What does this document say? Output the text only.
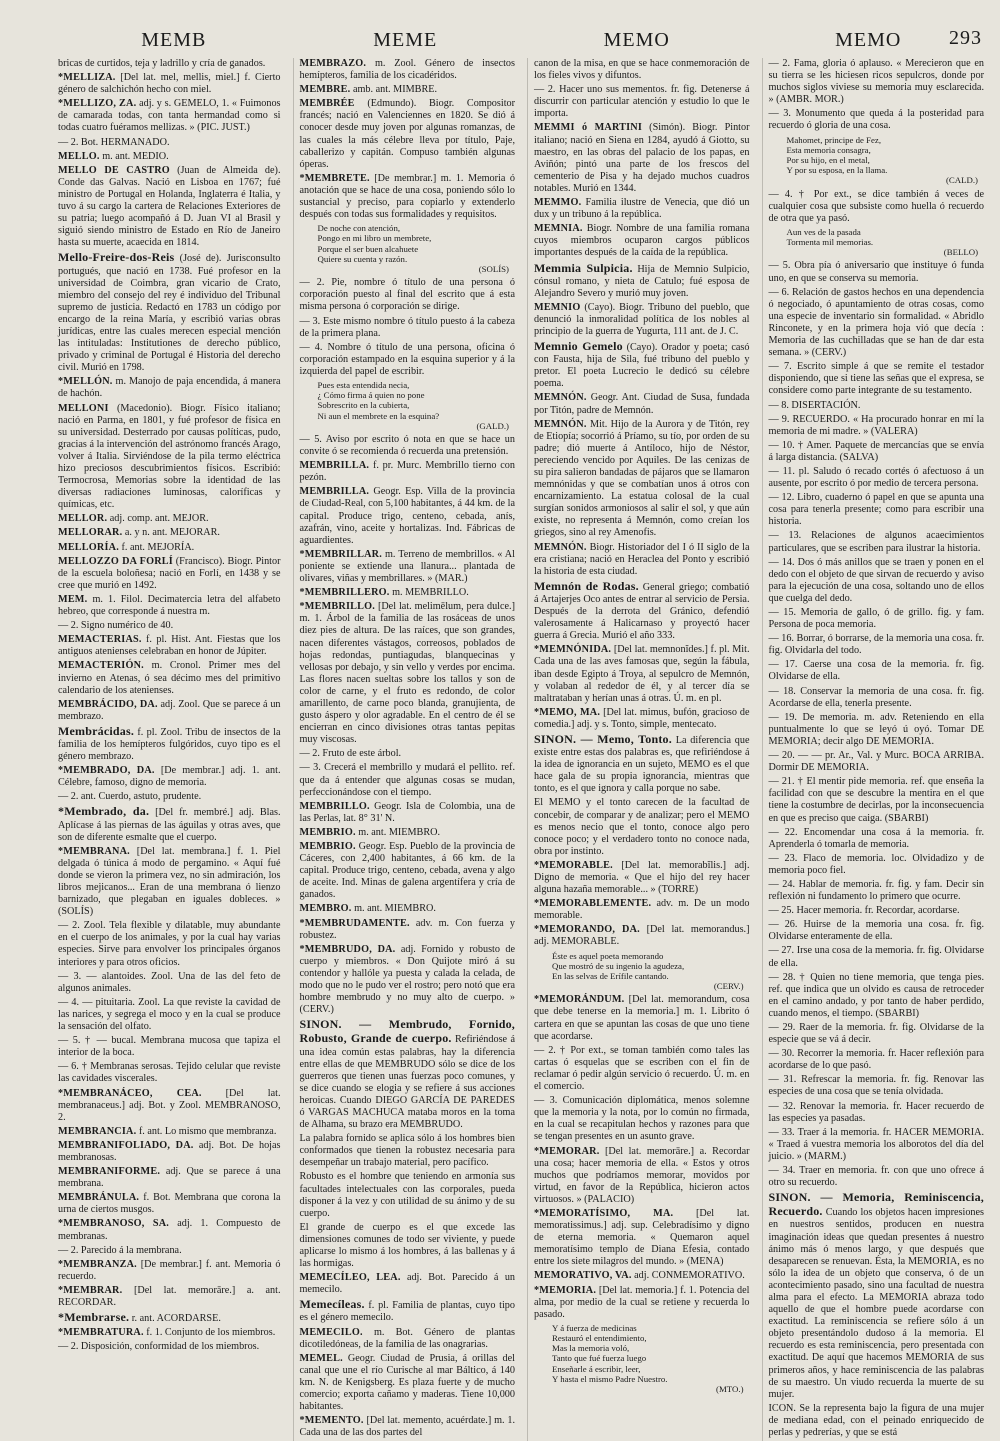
MEMB	MEME	MEMO	MEMO 293

bricas de curtidos, teja y ladrillo y cría de ganados.

*MELLIZA. [Del lat. mel, mellis, miel.] f. Cierto género de salchichón hecho con miel.

*MELLIZO, ZA. adj. y s. GEMELO, 1. « Fuimonos de camarada todas, con tanta hermandad como si todas cuatro fuéramos mellizas. » (PIC. JUST.)

— 2. Bot. HERMANADO.

MELLO. m. ant. MEDIO.

MELLO DE CASTRO (Juan de Almeida de). Conde das Galvas. Nació en Lisboa en 1767; fué ministro de Portugal en Holanda, Inglaterra é Italia, y tuvo á su cargo la cartera de Relaciones Exteriores de su patria; luego acompañó á D. Juan VI al Brasil y siguió siendo ministro de Estado en Río de Janeiro hasta su muerte, acaecida en 1814.

Mello-Freire-dos-Reis (José de). Jurisconsulto portugués, que nació en 1738. Fué profesor en la universidad de Coimbra, gran vicario de Crato, miembro del consejo del rey é individuo del Tribunal supremo de justicia. Redactó en 1783 un código por encargo de la reina María, y escribió varias obras jurídicas, entre las cuales merecen especial mención las intituladas: Institutiones de derecho público, privado y criminal de Portugal é Historia del derecho civil. Murió en 1798.

*MELLÓN. m. Manojo de paja encendida, á manera de hachón.

MELLONI (Macedonio). Biogr. Físico italiano; nació en Parma, en 1801, y fué profesor de física en su universidad. Desterrado por causas políticas, pudo, gracias á la intervención del astrónomo francés Arago, volver á Italia. Sirviéndose de la pila termo eléctrica hizo preciosos descubrimientos físicos. Escribió: Termocrosa, Memorias sobre la identidad de las diversas radiaciones luminosas, caloríficas y químicas, etc.

MELLOR. adj. comp. ant. MEJOR.

MELLORAR. a. y n. ant. MEJORAR.

MELLORÍA. f. ant. MEJORÍA.

MELLOZZO DA FORLÍ (Francisco). Biogr. Pintor de la escuela boloñesa; nació en Forlí, en 1438 y se cree que murió en 1492.

MEM. m. 1. Filol. Decimatercia letra del alfabeto hebreo, que corresponde á nuestra m.

— 2. Signo numérico de 40.

MEMACTERIAS. f. pl. Hist. Ant. Fiestas que los antiguos atenienses celebraban en honor de Júpiter.

MEMACTERIÓN. m. Cronol. Primer mes del invierno en Atenas, ó sea décimo mes del primitivo calendario de los atenienses.

MEMBRÁCIDO, DA. adj. Zool. Que se parece á un membrazo.

Membrácidas. f. pl. Zool. Tribu de insectos de la familia de los hemípteros fulgóridos, cuyo tipo es el género membrazo.

*MEMBRADO, DA. [De membrar.] adj. 1. ant. Célebre, famoso, digno de memoria.

— 2. ant. Cuerdo, astuto, prudente.

*Membrado, da. [Del fr. membré.] adj. Blas. Aplícase á las piernas de las águilas y otras aves, que son de diferente esmalte que el cuerpo.

*MEMBRANA. [Del lat. membrana.] f. 1. Piel delgada ó túnica á modo de pergamino. « Aquí fué donde se vieron la primera vez, no sin admiración, los libros mejicanos... Eran de una membrana ó lienzo barnizado, que plegaban en iguales dobleces. » (SOLÍS)

— 2. Zool. Tela flexible y dilatable, muy abundante en el cuerpo de los animales, y por la cual hay varias especies. Sirve para envolver los principales órganos interiores y para otros oficios.

— 3. — alantoides. Zool. Una de las del feto de algunos animales.

— 4. — pituitaria. Zool. La que reviste la cavidad de las narices, y segrega el moco y en la cual se produce la sensación del olfato.

— 5. † — bucal. Membrana mucosa que tapiza el interior de la boca.

— 6. † Membranas serosas. Tejido celular que reviste las cavidades viscerales.

*MEMBRANÁCEO, CEA. [Del lat. membranaceus.] adj. Bot. y Zool. MEMBRANOSO, 2.

MEMBRANCIA. f. ant. Lo mismo que membranza.

MEMBRANIFOLIADO, DA. adj. Bot. De hojas membranosas.

MEMBRANIFORME. adj. Que se parece á una membrana.

MEMBRÁNULA. f. Bot. Membrana que corona la urna de ciertos musgos.

*MEMBRANOSO, SA. adj. 1. Compuesto de membranas.

— 2. Parecido á la membrana.

*MEMBRANZA. [De membrar.] f. ant. Memoria ó recuerdo.

*MEMBRAR. [Del lat. memorāre.] a. ant. RECORDAR.

*Membrarse. r. ant. ACORDARSE.

*MEMBRATURA. f. 1. Conjunto de los miembros.

— 2. Disposición, conformidad de los miembros.

MEMBRAZO. m. Zool. Género de insectos hemípteros, familia de los cicadéridos.

MEMBRE. amb. ant. MIMBRE.

MEMBRÉE (Edmundo). Biogr. Compositor francés; nació en Valenciennes en 1820. Se dió á conocer desde muy joven por algunas romanzas, de las cuales la más célebre lleva por título, Paje, caballerizo y capitán. Compuso también algunas óperas.

*MEMBRETE. [De membrar.] m. 1. Memoria ó anotación que se hace de una cosa, poniendo sólo lo sustancial y preciso, para copiarlo y extenderlo después con todas sus formalidades y requisitos.

De noche con atención,
Pongo en mi libro un membrete,
Porque el ser buen alcahuete
Quiere su cuenta y razón.
(SOLÍS)

— 2. Pie, nombre ó título de una persona ó corporación puesto al final del escrito que á esta misma persona ó corporación se dirige.

— 3. Este mismo nombre ó título puesto á la cabeza de la primera plana.

— 4. Nombre ó título de una persona, oficina ó corporación estampado en la esquina superior y á la izquierda del papel de escribir.

Pues esta entendida necia,
¿ Cómo firma á quien no pone
Sobrescrito en la cubierta,
Ni aun el membrete en la esquina?
(GALD.)

— 5. Aviso por escrito ó nota en que se hace un convite ó se recomienda ó recuerda una pretensión.

MEMBRILLA. f. pr. Murc. Membrillo tierno con pezón.

MEMBRILLA. Geogr. Esp. Villa de la provincia de Ciudad-Real, con 5,100 habitantes, á 44 km. de la capital. Produce trigo, centeno, cebada, anís, azafrán, vino, aceite y hortalizas. Ind. Fábricas de aguardientes.

*MEMBRILLAR. m. Terreno de membrillos. « Al poniente se extiende una llanura... plantada de olivares, viñas y membrillares. » (MAR.)

*MEMBRILLERO. m. MEMBRILLO.

*MEMBRILLO. [Del lat. melimēlum, pera dulce.] m. 1. Árbol de la familia de las rosáceas de unos diez pies de altura. De las raíces, que son grandes, nacen diferentes vástagos, correosos, poblados de hojas redondas, puntiagudas, blanquecinas y vellosas por debajo, y sin vello y verdes por encima. Las flores nacen sueltas sobre los tallos y son de color de carne, y el fruto es redondo, de color amarillento, de carne poco blanda, granujienta, de gusto áspero y olor agradable. En el centro de él se encierran en cinco divisiones otras tantas pepitas muy viscosas.

— 2. Fruto de este árbol.

— 3. Crecerá el membrillo y mudará el pellito. ref. que da á entender que algunas cosas se mudan, perfeccionándose con el tiempo.

MEMBRILLO. Geogr. Isla de Colombia, una de las Perlas, lat. 8° 31' N.

MEMBRIO. m. ant. MIEMBRO.

MEMBRIO. Geogr. Esp. Pueblo de la provincia de Cáceres, con 2,400 habitantes, á 66 km. de la capital. Produce trigo, centeno, cebada, avena y algo de aceite. Ind. Minas de galena argentífera y cría de ganados.

MEMBRO. m. ant. MIEMBRO.

*MEMBRUDAMENTE. adv. m. Con fuerza y robustez.

*MEMBRUDO, DA. adj. Fornido y robusto de cuerpo y miembros. « Don Quijote miró á su contendor y hallóle ya puesta y calada la celada, de modo que no le pudo ver el rostro; pero notó que era hombre membrudo y no muy alto de cuerpo. » (CERV.)

SINON. — Membrudo, Fornido, Robusto, Grande de cuerpo. Refiriéndose á una idea común estas palabras, hay la diferencia entre ellas de que MEMBRUDO sólo se dice de los guerreros que tienen unas fuerzas poco comunes, y se dice cuando se elogia y se refiere á sus acciones heroicas. Cuando DIEGO GARCÍA DE PAREDES ó VARGAS MACHUCA mataba moros en la toma de Alhama, su brazo era MEMBRUDO.

La palabra fornido se aplica sólo á los hombres bien conformados que tienen la robustez necesaria para desempeñar un trabajo material, pero pacífico.

Robusto es el hombre que teniendo en armonía sus facultades intelectuales con las corporales, pueda disponer á la vez y con utilidad de su ánimo y de su cuerpo.

El grande de cuerpo es el que excede las dimensiones comunes de todo ser viviente, y puede aplicarse lo mismo á los hombres, á las ballenas y á las hormigas.

MEMECÍLEO, LEA. adj. Bot. Parecido á un memecilo.

Memecíleas. f. pl. Familia de plantas, cuyo tipo es el género memecilo.

MEMECILO. m. Bot. Género de plantas dicotiledóneas, de la familia de las onagrarias.

MEMEL. Geogr. Ciudad de Prusia, á orillas del canal que une el río Curische al mar Báltico, á 140 km. N. de Kenigsberg. Es plaza fuerte y de mucho comercio; exporta cañamo y maderas. Tiene 10,000 habitantes.

*MEMENTO. [Del lat. memento, acuérdate.] m. 1. Cada una de las dos partes del

canon de la misa, en que se hace conmemoración de los fieles vivos y difuntos.

— 2. Hacer uno sus mementos. fr. fig. Detenerse á discurrir con particular atención y estudio lo que le importa.

MEMMI ó MARTINI (Simón). Biogr. Pintor italiano; nació en Siena en 1284, ayudó á Giotto, su maestro, en las obras del palacio de los papas, en Aviñón; pintó una parte de los frescos del cementerio de Pisa y ha dejado muchos cuadros notables. Murió en 1344.

MEMMO. Familia ilustre de Venecia, que dió un dux y un tribuno á la república.

MEMNIA. Biogr. Nombre de una familia romana cuyos miembros ocuparon cargos públicos importantes después de la caída de la república.

Memmia Sulpicia. Hija de Memnio Sulpicio, cónsul romano, y nieta de Catulo; fué esposa de Alejandro Severo y murió muy joven.

MEMNIO (Cayo). Biogr. Tribuno del pueblo, que denunció la inmoralidad política de los nobles al principio de la guerra de Yugurta, 111 ant. de J. C.

Memnio Gemelo (Cayo). Orador y poeta; casó con Fausta, hija de Sila, fué tribuno del pueblo y pretor. El poeta Lucrecio le dedicó su célebre poema.

MEMNÓN. Geogr. Ant. Ciudad de Susa, fundada por Titón, padre de Memnón.

MEMNÓN. Mit. Hijo de la Aurora y de Titón, rey de Etiopía; socorrió á Príamo, su tío, por orden de su padre; dió muerte á Antíloco, hijo de Néstor, pereciendo vencido por Aquiles. De las cenizas de su pira salieron bandadas de pájaros que se llamaron memnónidas y que se combatían unos á otros con encarnizamiento. La estatua colosal de la cual surgían sonidos armoniosos al salir el sol, y que aún existe, no representa á Memnón, como creían los griegos, sino al rey Amenofis.

MEMNÓN. Biogr. Historiador del I ó II siglo de la era cristiana; nació en Heraclea del Ponto y escribió la historia de esta ciudad.

Memnón de Rodas. General griego; combatió á Artajerjes Oco antes de entrar al servicio de Persia. Después de la derrota del Gránico, defendió valerosamente á Halicarnaso y proyectó hacer guerra á Grecia. Murió el año 333.

*MEMNÓNIDA. [Del lat. memnonĭdes.] f. pl. Mit. Cada una de las aves famosas que, según la fábula, iban desde Egipto á Troya, al sepulcro de Memnón, y volaban al rededor de él, y al tercer día se maltrataban y herían unas á otras. Ú. m. en pl.

*MEMO, MA. [Del lat. mimus, bufón, gracioso de comedia.] adj. y s. Tonto, simple, mentecato.

SINON. — Memo, Tonto. La diferencia que existe entre estas dos palabras es, que refiriéndose á la idea de ignorancia en un sujeto, MEMO es el que hace gala de su propia ignorancia, mientras que tonto, es el que ignora y calla porque no sabe.

El MEMO y el tonto carecen de la facultad de concebir, de comparar y de analizar; pero el MEMO es menos necio que el tonto, conoce algo pero conoce poco; y el verdadero tonto no conoce nada, obra por instinto.

*MEMORABLE. [Del lat. memorabĭlis.] adj. Digno de memoria. « Que el hijo del rey hacer alguna hazaña memorable... » (TORRE)

*MEMORABLEMENTE. adv. m. De un modo memorable.

*MEMORANDO, DA. [Del lat. memorandus.] adj. MEMORABLE.

Éste es aquel poeta memorando
Que mostró de su ingenio la agudeza,
En las selvas de Erífile cantando.
(CERV.)

*MEMORÁNDUM. [Del lat. memorandum, cosa que debe tenerse en la memoria.] m. 1. Librito ó cartera en que se apuntan las cosas de que uno tiene que acordarse.

— 2. † Por ext., se toman también como tales las cartas ó esquelas que se escriben con el fin de reclamar ó pedir algún servicio ó recuerdo. Ú. m. en el comercio.

— 3. Comunicación diplomática, menos solemne que la memoria y la nota, por lo común no firmada, en la cual se recapitulan hechos y razones para que se tengan presentes en un asunto grave.

*MEMORAR. [Del lat. memorāre.] a. Recordar una cosa; hacer memoria de ella. « Estos y otros muchos que podríamos memorar, movidos por virtud, en favor de la República, hicieron actos virtuosos. » (PALACIO)

*MEMORATÍSIMO, MA. [Del lat. memoratissimus.] adj. sup. Celebradísimo y digno de eterna memoria. « Quemaron aquel memoratísimo templo de Diana Efesia, contado entre los siete milagros del mundo. » (MENA)

MEMORATIVO, VA. adj. CONMEMORATIVO.

*MEMORIA. [Del lat. memoria.] f. 1. Potencia del alma, por medio de la cual se retiene y recuerda lo pasado.

Y á fuerza de medicinas
Restauró el entendimiento,
Mas la memoria voló,
Tanto que fué fuerza luego
Enseñarle á escribir, leer,
Y hasta el mismo Padre Nuestro.
(MTO.)

— 2. Fama, gloria ó aplauso. « Merecieron que en su tierra se les hiciesen ricos sepulcros, donde por muchos siglos viviese su memoria muy esclarecida. » (AMBR. MOR.)

— 3. Monumento que queda á la posteridad para recuerdo ó gloria de una cosa.

Mahomet, principe de Fez,
Esta memoria consagra,
Por su hijo, en el metal,
Y por su esposa, en la llama.
(CALD.)

— 4. † Por ext., se dice también á veces de cualquier cosa que subsiste como huella ó recuerdo de otra que ya pasó.

Aun ves de la pasada
Tormenta mil memorias.
(BELLO)

— 5. Obra pía ó aniversario que instituye ó funda uno, en que se conserva su memoria.

— 6. Relación de gastos hechos en una dependencia ó negociado, ó apuntamiento de otras cosas, como una especie de inventario sin formalidad. « Abridlo Rinconete, y en la primera hoja vió que decía : Memoria de las cuchilladas que se han de dar esta semana. » (CERV.)

— 7. Escrito simple á que se remite el testador disponiendo, que si tiene las señas que el expresa, se considere como parte integrante de su testamento.

— 8. DISERTACIÓN.

— 9. RECUERDO. « Ha procurado honrar en mí la memoria de mi madre. » (VALERA)

— 10. † Amer. Paquete de mercancías que se envía á larga distancia. (SALVA)

— 11. pl. Saludo ó recado cortés ó afectuoso á un ausente, por escrito ó por medio de tercera persona.

— 12. Libro, cuaderno ó papel en que se apunta una cosa para tenerla presente; como para escribir una historia.

— 13. Relaciones de algunos acaecimientos particulares, que se escriben para ilustrar la historia.

— 14. Dos ó más anillos que se traen y ponen en el dedo con el objeto de que sirvan de recuerdo y aviso para la ejecución de una cosa, soltando uno de ellos que cuelga del dedo.

— 15. Memoria de gallo, ó de grillo. fig. y fam. Persona de poca memoria.

— 16. Borrar, ó borrarse, de la memoria una cosa. fr. fig. Olvidarla del todo.

— 17. Caerse una cosa de la memoria. fr. fig. Olvidarse de ella.

— 18. Conservar la memoria de una cosa. fr. fig. Acordarse de ella, tenerla presente.

— 19. De memoria. m. adv. Reteniendo en ella puntualmente lo que se leyó ú oyó. Tomar DE MEMORIA; decir algo DE MEMORIA.

— 20. — — pr. Ar., Val. y Murc. BOCA ARRIBA. Dormir DE MEMORIA.

— 21. † El mentir pide memoria. ref. que enseña la facilidad con que se descubre la mentira en el que tiene la costumbre de decirlas, por la inconsecuencia en que es preciso que caiga. (SBARBI)

— 22. Encomendar una cosa á la memoria. fr. Aprenderla ó tomarla de memoria.

— 23. Flaco de memoria. loc. Olvidadizo y de memoria poco fiel.

— 24. Hablar de memoria. fr. fig. y fam. Decir sin reflexión ni fundamento lo primero que ocurre.

— 25. Hacer memoria. fr. Recordar, acordarse.

— 26. Huirse de la memoria una cosa. fr. fig. Olvidarse enteramente de ella.

— 27. Irse una cosa de la memoria. fr. fig. Olvidarse de ella.

— 28. † Quien no tiene memoria, que tenga pies. ref. que indica que un olvido es causa de retroceder en el camino andado, y por tanto de haber perdido, cuando menos, el tiempo. (SBARBI)

— 29. Raer de la memoria. fr. fig. Olvidarse de la especie que se vá á decir.

— 30. Recorrer la memoria. fr. Hacer reflexión para acordarse de lo que pasó.

— 31. Refrescar la memoria. fr. fig. Renovar las especies de una cosa que se tenía olvidada.

— 32. Renovar la memoria. fr. Hacer recuerdo de las especies ya pasadas.

— 33. Traer á la memoria. fr. HACER MEMORIA. « Traed á vuestra memoria los alborotos del día del juicio. » (MARM.)

— 34. Traer en memoria. fr. con que uno ofrece á otro su recuerdo.

SINON. — Memoria, Reminiscencia, Recuerdo. Cuando los objetos hacen impresiones en nuestros sentidos, producen en nuestra imaginación ideas que quedan presentes á nuestro ánimo más ó menos largo, y que después que desaparecen se renuevan. Ésta, la MEMORIA, es no sólo la idea de un objeto que conserva, ó de un acontecimiento pasado, sino una facultad de nuestra alma para el efecto. La MEMORIA abraza todo aquello de que el hombre puede acordarse con exactitud. La reminiscencia se refiere sólo á un objeto presentándolo dudoso á la memoria. El recuerdo es esta reminiscencia, pero presentada con exactitud. De aquí que hacemos MEMORIA de sus primeros años, y hace reminiscencia de las palabras de su maestro. Un viudo recuerda la muerte de su mujer.

ICON. Se la representa bajo la figura de una mujer de mediana edad, con el peinado enriquecido de perlas y pedrerías, y que se está
